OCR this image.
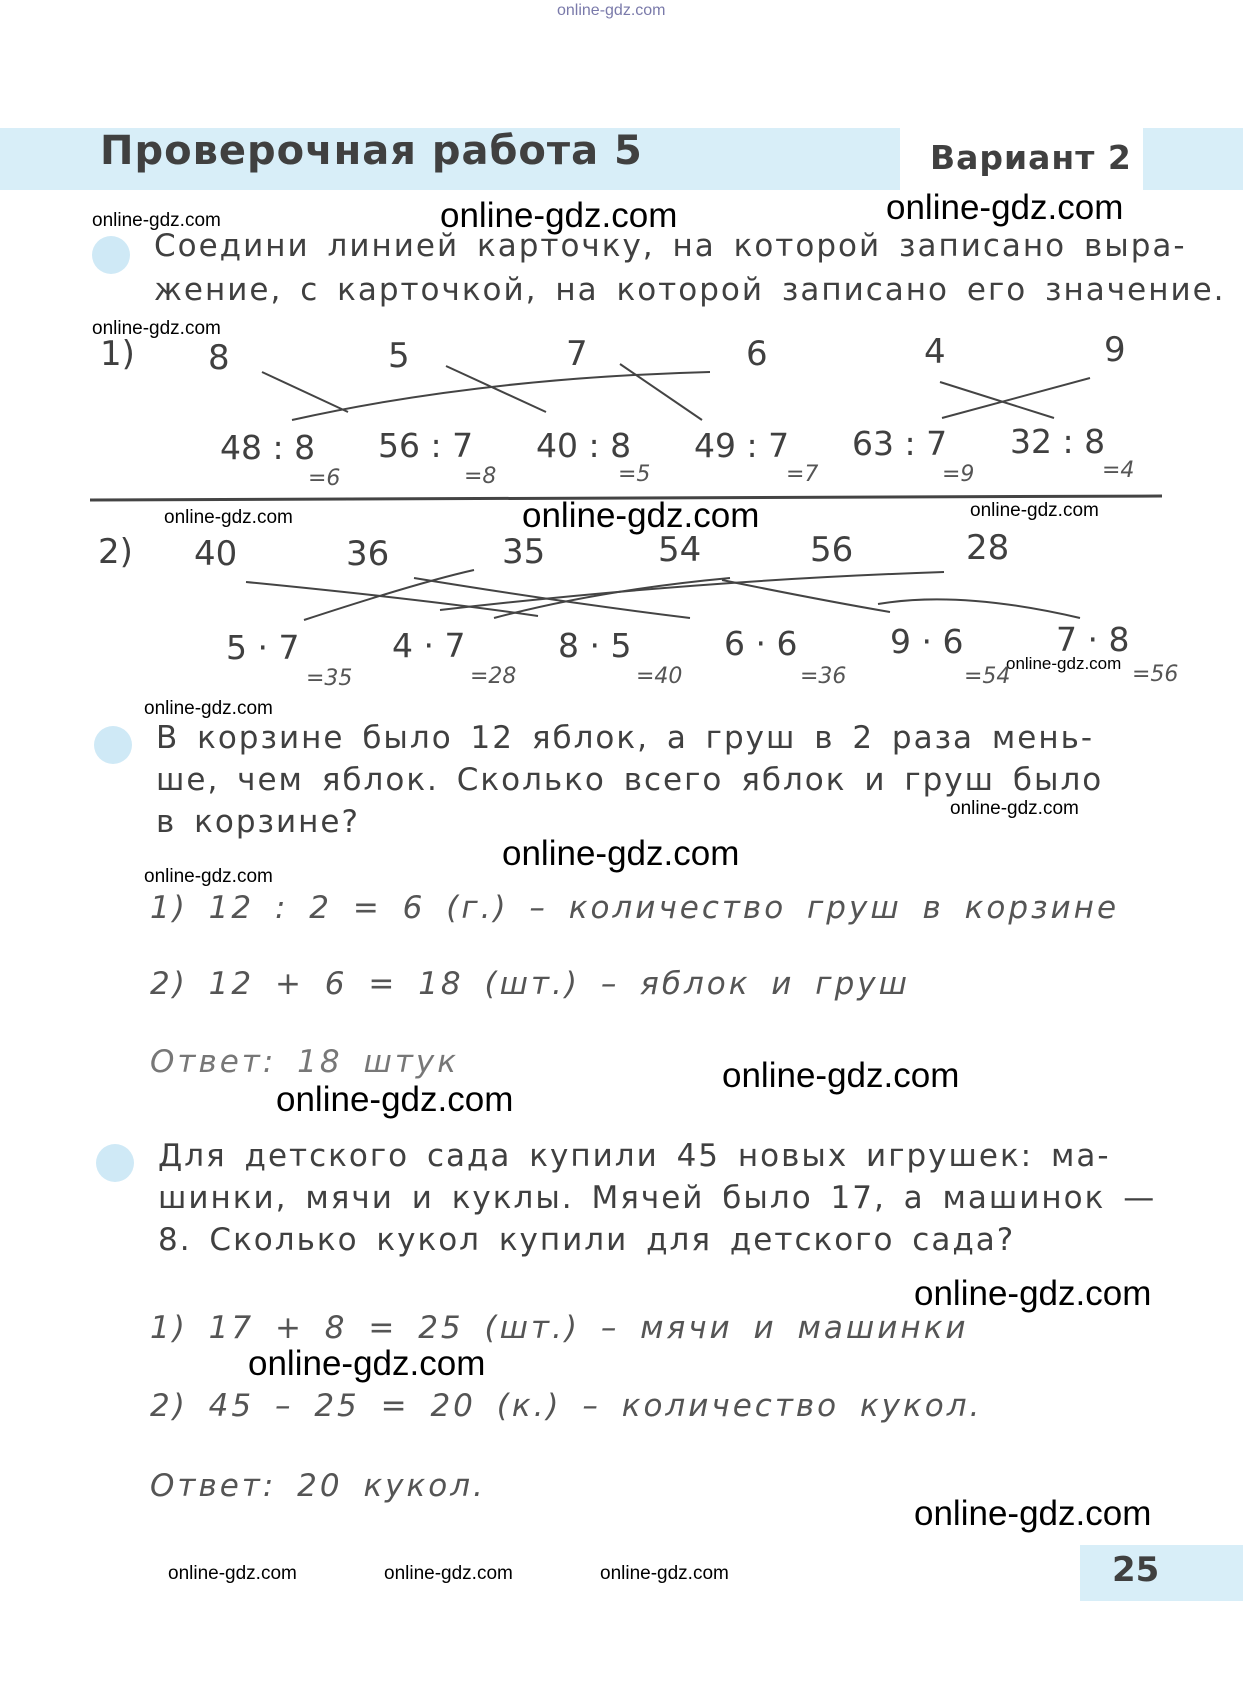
online-gdz.com
Проверочная работа 5	Вариант 2
online-gdz.com	online-gdz.com	online-gdz.com
online-gdz.com
online-gdz.com	online-gdz.com	online-gdz.com
online-gdz.com
online-gdz.com
online-gdz.com
online-gdz.com
online-gdz.com
online-gdz.com
online-gdz.com
online-gdz.com
online-gdz.com
online-gdz.com
online-gdz.com	online-gdz.com	online-gdz.com
Соедини линией карточку, на которой записано выра-
жение, с карточкой, на которой записано его значение.
1) 8	5	7	6	4	9
48 : 8 56 : 7 40 : 8 49 : 7 63 : 7 32 : 8
=6	=8	=5	=7	=9	=4
2) 40	36	35	54	56	28
5 · 7	4 · 7	8 · 5	6 · 6	9 · 6	7 · 8
=35	=28	=40	=36	=54	=56
В корзине было 12 яблок, а груш в 2 раза мень-
ше, чем яблок. Сколько всего яблок и груш было
в корзине?
1) 12 : 2 = 6 (г.) – количество груш в корзине
2) 12 + 6 = 18 (шт.) – яблок и груш
Ответ: 18 штук
Для детского сада купили 45 новых игрушек: ма-
шинки, мячи и куклы. Мячей было 17, а машинок —
8. Сколько кукол купили для детского сада?
1) 17 + 8 = 25 (шт.) – мячи и машинки
2) 45 – 25 = 20 (к.) – количество кукол.
Ответ: 20 кукол.
25
